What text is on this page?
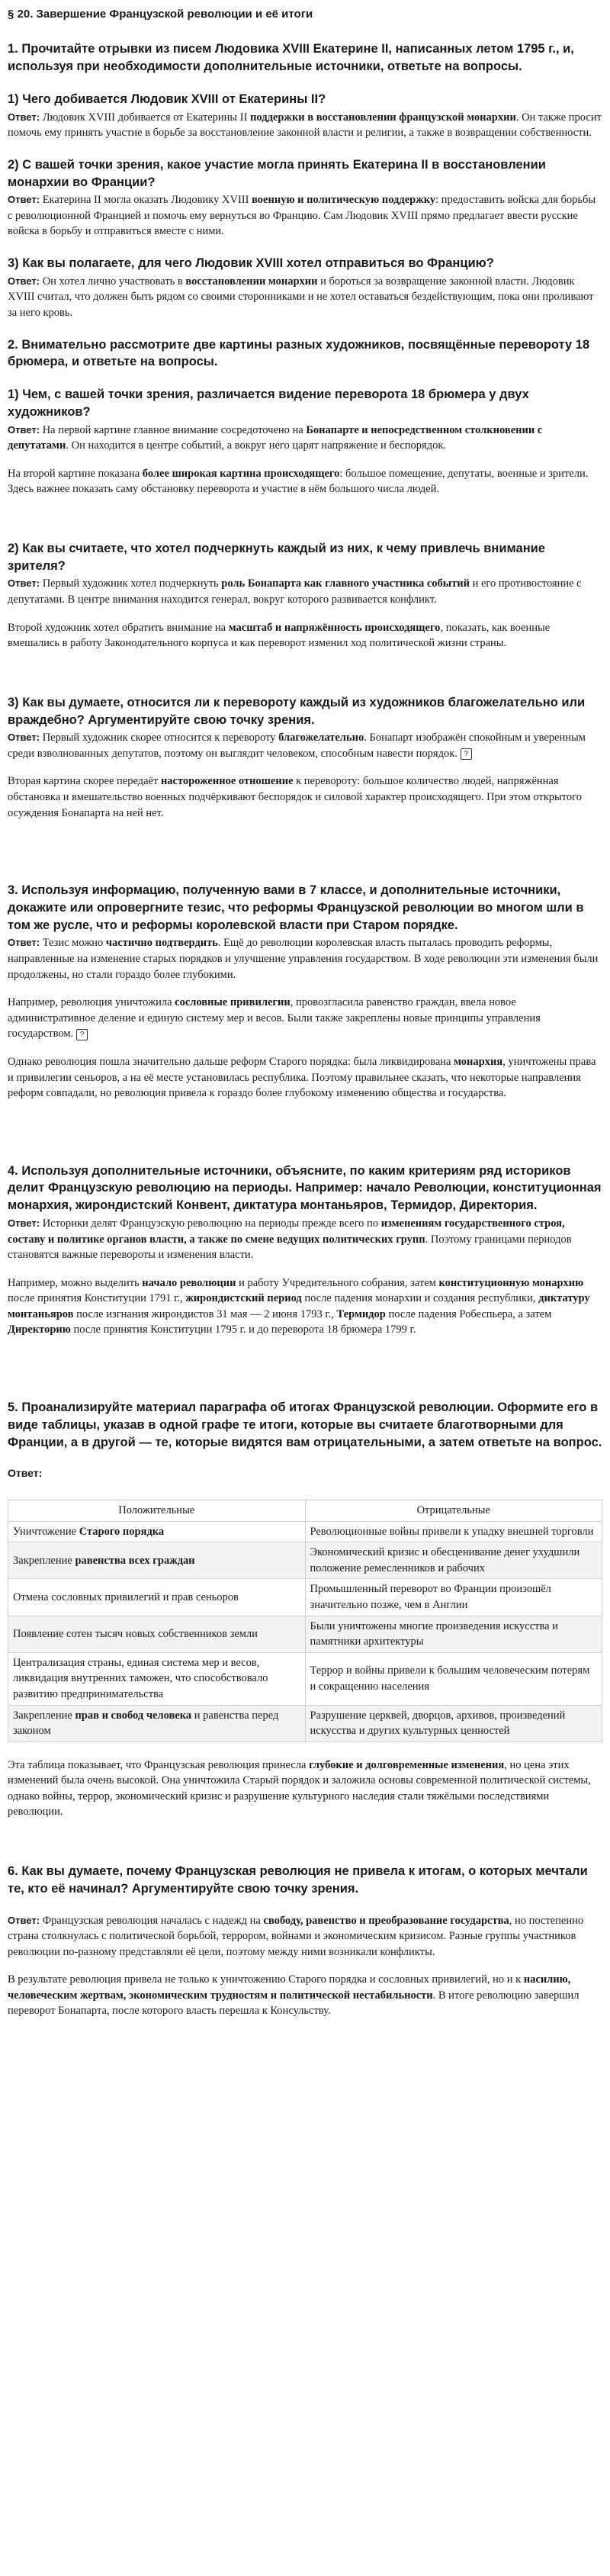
§ 20. Завершение Французской революции и её итоги
1. Прочитайте отрывки из писем Людовика XVIII Екатерине II, написанных летом 1795 г., и, используя при необходимости дополнительные источники, ответьте на вопросы.
1) Чего добивается Людовик XVIII от Екатерины II?

Ответ: Людовик XVIII добивается от Екатерины II поддержки в восстановлении французской монархии. Он также просит помочь ему принять участие в борьбе за восстановление законной власти и религии, а также в возвращении собственности.

2) С вашей точки зрения, какое участие могла принять Екатерина II в восстановлении монархии во Франции?

Ответ: Екатерина II могла оказать Людовику XVIII военную и политическую поддержку: предоставить войска для борьбы с революционной Францией и помочь ему вернуться во Францию. Сам Людовик XVIII прямо предлагает ввести русские войска в борьбу и отправиться вместе с ними.

3) Как вы полагаете, для чего Людовик XVIII хотел отправиться во Францию?

Ответ: Он хотел лично участвовать в восстановлении монархии и бороться за возвращение законной власти. Людовик XVIII считал, что должен быть рядом со своими сторонниками и не хотел оставаться бездействующим, пока они проливают за него кровь.

2. Внимательно рассмотрите две картины разных художников, посвящённые перевороту 18 брюмера, и ответьте на вопросы.
1) Чем, с вашей точки зрения, различается видение переворота 18 брюмера у двух художников?

Ответ: На первой картине главное внимание сосредоточено на Бонапарте и непосредственном столкновении с депутатами. Он находится в центре событий, а вокруг него царят напряжение и беспорядок.

На второй картине показана более широкая картина происходящего: большое помещение, депутаты, военные и зрители. Здесь важнее показать саму обстановку переворота и участие в нём большого числа людей.

2) Как вы считаете, что хотел подчеркнуть каждый из них, к чему привлечь внимание зрителя?

Ответ: Первый художник хотел подчеркнуть роль Бонапарта как главного участника событий и его противостояние с депутатами. В центре внимания находится генерал, вокруг которого развивается конфликт.

Второй художник хотел обратить внимание на масштаб и напряжённость происходящего, показать, как военные вмешались в работу Законодательного корпуса и как переворот изменил ход политической жизни страны.

3) Как вы думаете, относится ли к перевороту каждый из художников благожелательно или враждебно? Аргументируйте свою точку зрения.

Ответ: Первый художник скорее относится к перевороту благожелательно. Бонапарт изображён спокойным и уверенным среди взволнованных депутатов, поэтому он выглядит человеком, способным навести порядок. ?

Вторая картина скорее передаёт настороженное отношение к перевороту: большое количество людей, напряжённая обстановка и вмешательство военных подчёркивают беспорядок и силовой характер происходящего. При этом открытого осуждения Бонапарта на ней нет.

3. Используя информацию, полученную вами в 7 классе, и дополнительные источники, докажите или опровергните тезис, что реформы Французской революции во многом шли в том же русле, что и реформы королевской власти при Старом порядке.

Ответ: Тезис можно частично подтвердить. Ещё до революции королевская власть пыталась проводить реформы, направленные на изменение старых порядков и улучшение управления государством. В ходе революции эти изменения были продолжены, но стали гораздо более глубокими.

Например, революция уничтожила сословные привилегии, провозгласила равенство граждан, ввела новое административное деление и единую систему мер и весов. Были также закреплены новые принципы управления государством. ?

Однако революция пошла значительно дальше реформ Старого порядка: была ликвидирована монархия, уничтожены права и привилегии сеньоров, а на её месте установилась республика. Поэтому правильнее сказать, что некоторые направления реформ совпадали, но революция привела к гораздо более глубокому изменению общества и государства.

4. Используя дополнительные источники, объясните, по каким критериям ряд историков делит Французскую революцию на периоды. Например: начало Революции, конституционная монархия, жирондистский Конвент, диктатура монтаньяров, Термидор, Директория.

Ответ: Историки делят Французскую революцию на периоды прежде всего по изменениям государственного строя, составу и политике органов власти, а также по смене ведущих политических групп. Поэтому границами периодов становятся важные перевороты и изменения власти.

Например, можно выделить начало революции и работу Учредительного собрания, затем конституционную монархию после принятия Конституции 1791 г., жирондистский период после падения монархии и создания республики, диктатуру монтаньяров после изгнания жирондистов 31 мая — 2 июня 1793 г., Термидор после падения Робеспьера, а затем Директорию после принятия Конституции 1795 г. и до переворота 18 брюмера 1799 г.

5. Проанализируйте материал параграфа об итогах Французской революции. Оформите его в виде таблицы, указав в одной графе те итоги, которые вы считаете благотворными для Франции, а в другой — те, которые видятся вам отрицательными, а затем ответьте на вопрос.
Ответ:
Положительные	Отрицательные
Уничтожение Старого порядка	Революционные войны привели к упадку внешней торговли
Закрепление равенства всех граждан	Экономический кризис и обесценивание денег ухудшили положение ремесленников и рабочих
Отмена сословных привилегий и прав сеньоров	Промышленный переворот во Франции произошёл значительно позже, чем в Англии
Появление сотен тысяч новых собственников земли	Были уничтожены многие произведения искусства и памятники архитектуры
Централизация страны, единая система мер и весов, ликвидация внутренних таможен, что способствовало развитию предпринимательства	Террор и войны привели к большим человеческим потерям и сокращению населения
Закрепление прав и свобод человека и равенства перед законом	Разрушение церквей, дворцов, архивов, произведений искусства и других культурных ценностей

Эта таблица показывает, что Французская революция принесла глубокие и долговременные изменения, но цена этих изменений была очень высокой. Она уничтожила Старый порядок и заложила основы современной политической системы, однако войны, террор, экономический кризис и разрушение культурного наследия стали тяжёлыми последствиями революции.

6. Как вы думаете, почему Французская революция не привела к итогам, о которых мечтали те, кто её начинал? Аргументируйте свою точку зрения.

Ответ: Французская революция началась с надежд на свободу, равенство и преобразование государства, но постепенно страна столкнулась с политической борьбой, террором, войнами и экономическим кризисом. Разные группы участников революции по-разному представляли её цели, поэтому между ними возникали конфликты.

В результате революция привела не только к уничтожению Старого порядка и сословных привилегий, но и к насилию, человеческим жертвам, экономическим трудностям и политической нестабильности. В итоге революцию завершил переворот Бонапарта, после которого власть перешла к Консульству.
